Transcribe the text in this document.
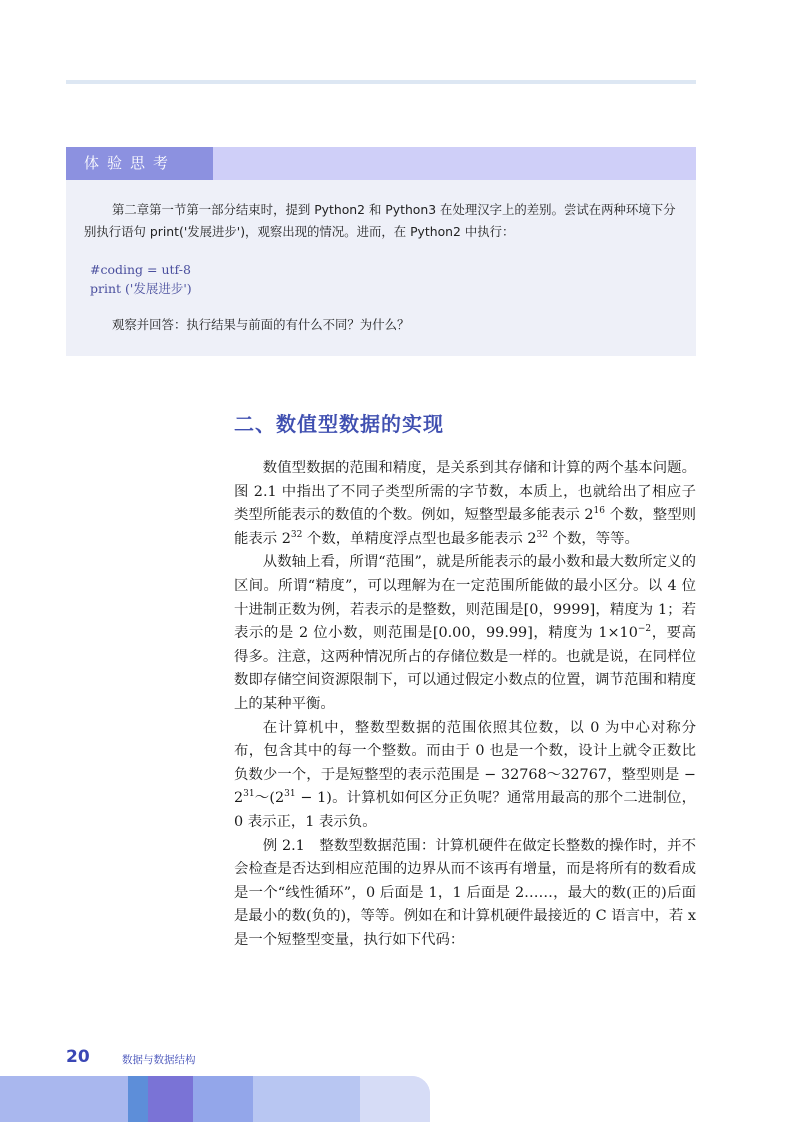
体验思考

第二章第一节第一部分结束时，提到 Python2 和 Python3 在处理汉字上的差别。尝试在两种环境下分别执行语句 print('发展进步')，观察出现的情况。进而，在 Python2 中执行：

#coding = utf-8
print ('发展进步')

观察并回答：执行结果与前面的有什么不同？为什么？

二、数值型数据的实现

数值型数据的范围和精度，是关系到其存储和计算的两个基本问题。图 2.1 中指出了不同子类型所需的字节数，本质上，也就给出了相应子类型所能表示的数值的个数。例如，短整型最多能表示 $2^{16}$ 个数，整型则能表示 $2^{32}$ 个数，单精度浮点型也最多能表示 $2^{32}$ 个数，等等。

从数轴上看，所谓“范围”，就是所能表示的最小数和最大数所定义的区间。所谓“精度”，可以理解为在一定范围所能做的最小区分。以 4 位十进制正数为例，若表示的是整数，则范围是[0，9999]，精度为 1；若表示的是 2 位小数，则范围是[0.00，99.99]，精度为 $1\times 10^{-2}$，要高得多。注意，这两种情况所占的存储位数是一样的。也就是说，在同样位数即存储空间资源限制下，可以通过假定小数点的位置，调节范围和精度上的某种平衡。

在计算机中，整数型数据的范围依照其位数，以 0 为中心对称分布，包含其中的每一个整数。而由于 0 也是一个数，设计上就令正数比负数少一个，于是短整型的表示范围是 − 32768～32767，整型则是 − $2^{31}\sim(2^{31} - 1)$。计算机如何区分正负呢？通常用最高的那个二进制位，0 表示正，1 表示负。

例 2.1　整数型数据范围：计算机硬件在做定长整数的操作时，并不会检查是否达到相应范围的边界从而不该再有增量，而是将所有的数看成是一个“线性循环”，0 后面是 1，1 后面是 2……，最大的数(正的)后面是最小的数(负的)，等等。例如在和计算机硬件最接近的 C 语言中，若 x 是一个短整型变量，执行如下代码：

20	数据与数据结构
